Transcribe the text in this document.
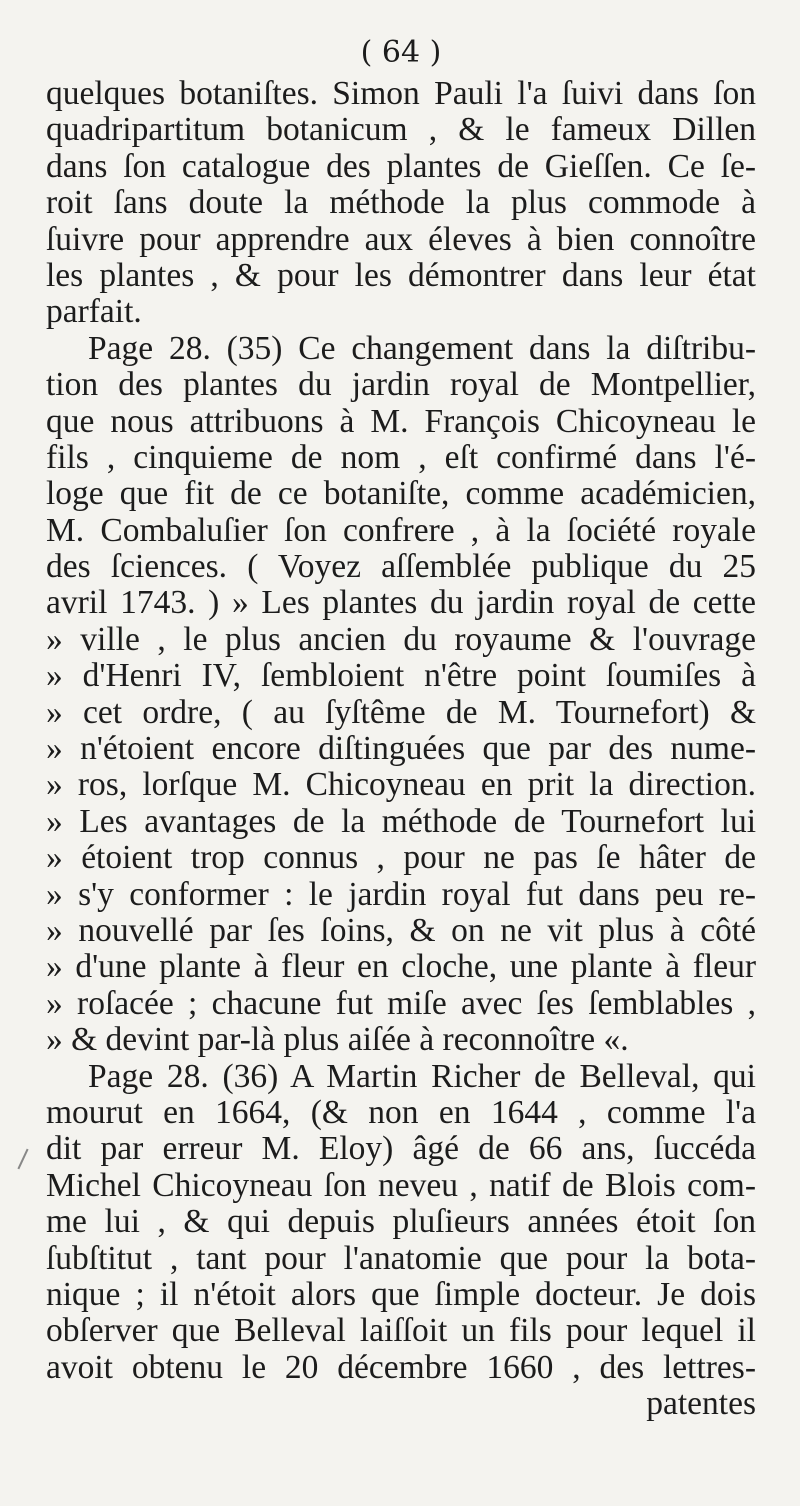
( 64 )
quelques botaniſtes. Simon Pauli l'a ſuivi dans ſon
quadripartitum botanicum , & le fameux Dillen
dans ſon catalogue des plantes de Gieſſen. Ce ſe-
roit ſans doute la méthode la plus commode à
ſuivre pour apprendre aux éleves à bien connoître
les plantes , & pour les démontrer dans leur état
parfait.
Page 28. (35) Ce changement dans la diſtribu-
tion des plantes du jardin royal de Montpellier,
que nous attribuons à M. François Chicoyneau le
fils , cinquieme de nom , eſt confirmé dans l'é-
loge que fit de ce botaniſte, comme académicien,
M. Combaluſier ſon confrere , à la ſociété royale
des ſciences. ( Voyez aſſemblée publique du 25
avril 1743. ) » Les plantes du jardin royal de cette
» ville , le plus ancien du royaume & l'ouvrage
» d'Henri IV, ſembloient n'être point ſoumiſes à
» cet ordre, ( au ſyſtême de M. Tournefort) &
» n'étoient encore diſtinguées que par des nume-
» ros, lorſque M. Chicoyneau en prit la direction.
» Les avantages de la méthode de Tournefort lui
» étoient trop connus , pour ne pas ſe hâter de
» s'y conformer : le jardin royal fut dans peu re-
» nouvellé par ſes ſoins, & on ne vit plus à côté
» d'une plante à fleur en cloche, une plante à fleur
» roſacée ; chacune fut miſe avec ſes ſemblables ,
» & devint par-là plus aiſée à reconnoître «.
Page 28. (36) A Martin Richer de Belleval, qui
mourut en 1664, (& non en 1644 , comme l'a
dit par erreur M. Eloy) âgé de 66 ans, ſuccéda
Michel Chicoyneau ſon neveu , natif de Blois com-
me lui , & qui depuis pluſieurs années étoit ſon
ſubſtitut , tant pour l'anatomie que pour la bota-
nique ; il n'étoit alors que ſimple docteur. Je dois
obſerver que Belleval laiſſoit un fils pour lequel il
avoit obtenu le 20 décembre 1660 , des lettres-
patentes
